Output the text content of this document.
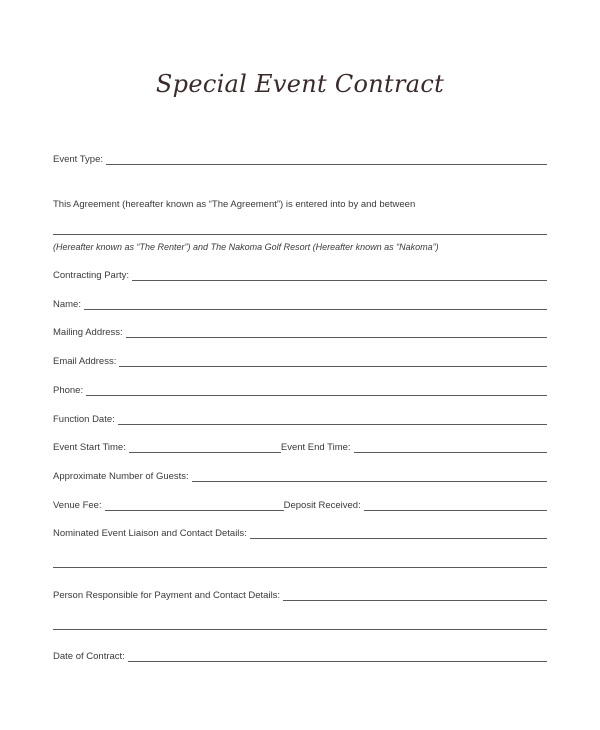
Special Event Contract
Event Type:
This Agreement (hereafter known as “The Agreement”) is entered into by and between
(Hereafter known as “The Renter”) and The Nakoma Golf Resort (Hereafter known as “Nakoma”)
Contracting Party:
Name:
Mailing Address:
Email Address:
Phone:
Function Date:
Event Start Time:	Event End Time:
Approximate Number of Guests:
Venue Fee:	Deposit Received:
Nominated Event Liaison and Contact Details:
Person Responsible for Payment and Contact Details:
Date of Contract:
